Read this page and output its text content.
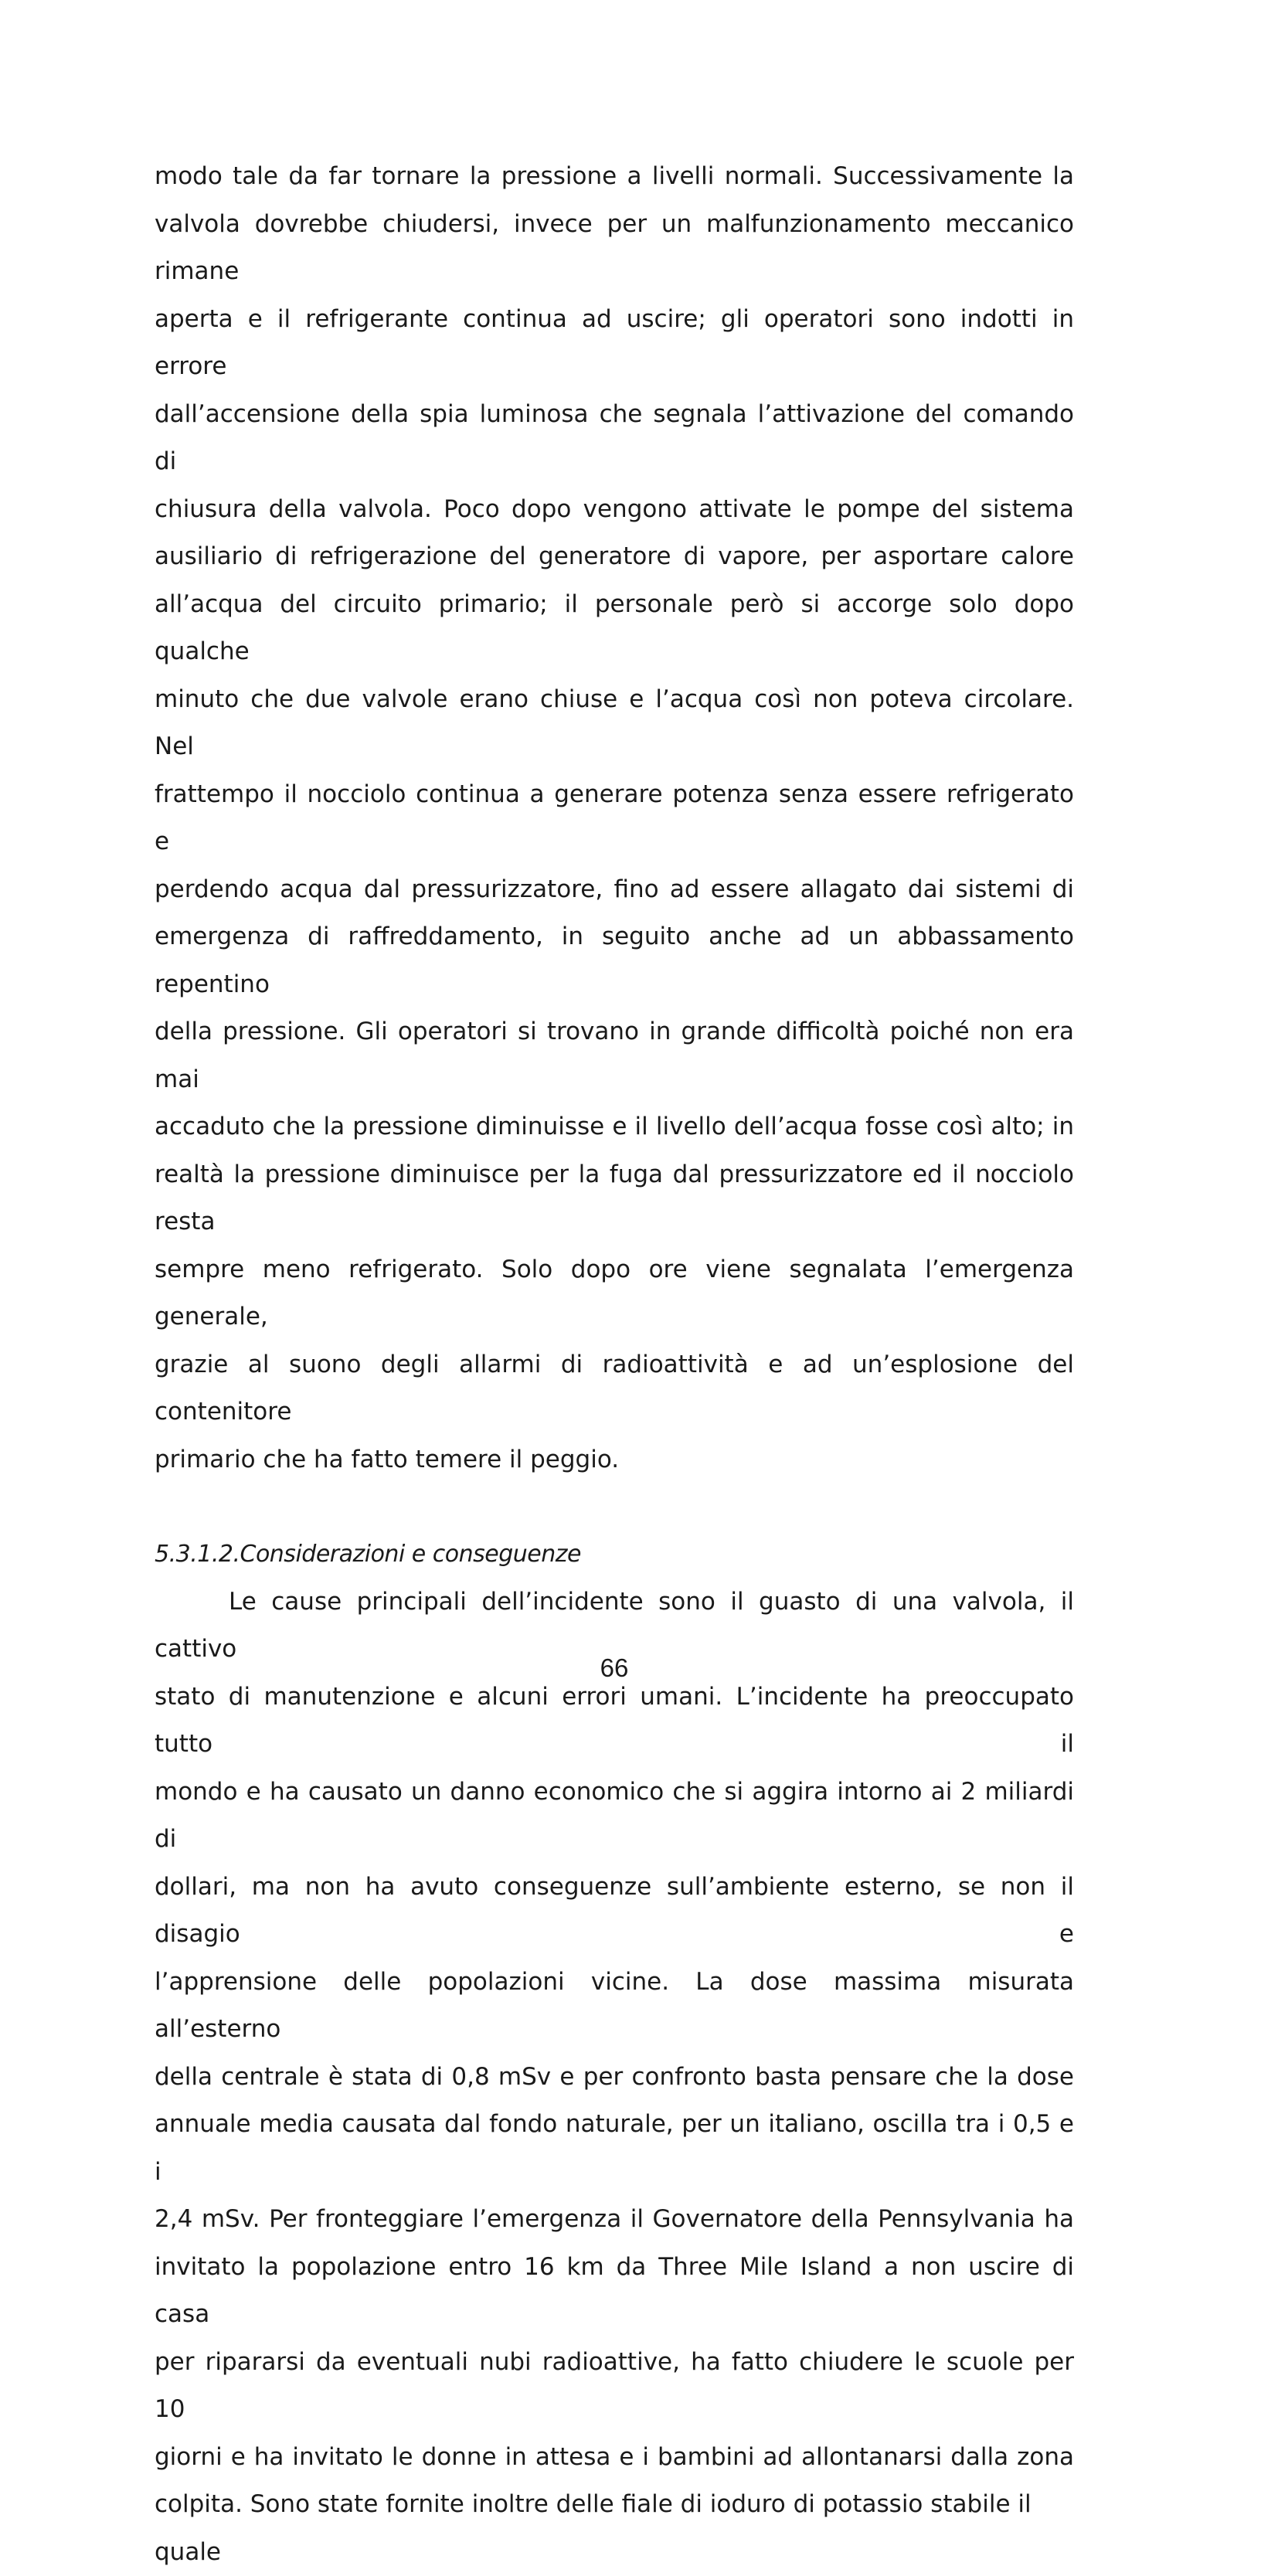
modo tale da far tornare la pressione a livelli normali. Successivamente la
valvola dovrebbe chiudersi, invece per un malfunzionamento meccanico rimane
aperta e il refrigerante continua ad uscire; gli operatori sono indotti in errore
dall’accensione della spia luminosa che segnala l’attivazione del comando di
chiusura della valvola. Poco dopo vengono attivate le pompe del sistema
ausiliario di refrigerazione del generatore di vapore, per asportare calore
all’acqua del circuito primario; il personale però si accorge solo dopo qualche
minuto che due valvole erano chiuse e l’acqua così non poteva circolare. Nel
frattempo il nocciolo continua a generare potenza senza essere refrigerato e
perdendo acqua dal pressurizzatore, fino ad essere allagato dai sistemi di
emergenza di raffreddamento, in seguito anche ad un abbassamento repentino
della pressione. Gli operatori si trovano in grande difficoltà poiché non era mai
accaduto che la pressione diminuisse e il livello dell’acqua fosse così alto; in
realtà la pressione diminuisce per la fuga dal pressurizzatore ed il nocciolo resta
sempre meno refrigerato. Solo dopo ore viene segnalata l’emergenza generale,
grazie al suono degli allarmi di radioattività e ad un’esplosione del contenitore
primario che ha fatto temere il peggio.
5.3.1.2.Considerazioni e conseguenze
Le cause principali dell’incidente sono il guasto di una valvola, il cattivo
stato di manutenzione e alcuni errori umani. L’incidente ha preoccupato tutto il
mondo e ha causato un danno economico che si aggira intorno ai 2 miliardi di
dollari, ma non ha avuto conseguenze sull’ambiente esterno, se non il disagio e
l’apprensione delle popolazioni vicine. La dose massima misurata all’esterno
della centrale è stata di 0,8 mSv e per confronto basta pensare che la dose
annuale media causata dal fondo naturale, per un italiano, oscilla tra i 0,5 e i
2,4 mSv. Per fronteggiare l’emergenza il Governatore della Pennsylvania ha
invitato la popolazione entro 16 km da Three Mile Island a non uscire di casa
per ripararsi da eventuali nubi radioattive, ha fatto chiudere le scuole per 10
giorni e ha invitato le donne in attesa e i bambini ad allontanarsi dalla zona
colpita. Sono state fornite inoltre delle fiale di ioduro di potassio stabile il quale
66
